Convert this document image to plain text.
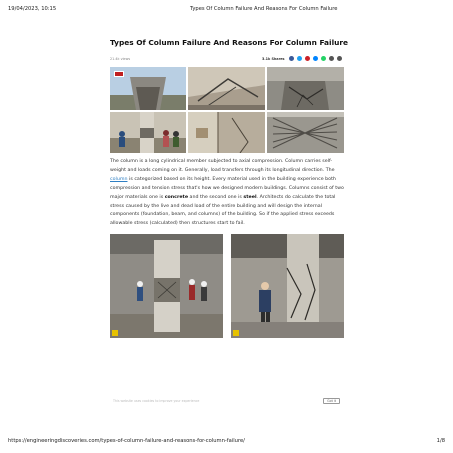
19/04/2023, 10:15	Types Of Column Failure And Reasons For Column Failure
Types Of Column Failure And Reasons For Column Failure
21.4k views	3.1k Shares
The column is a long cylindrical member subjected to axial compression. Column carries self-weight and loads coming on it. Generally, load transfers through its longitudinal direction. The column is categorized based on its height. Every material used in the building experience both compression and tension stress that's how we designed modern buildings. Columns consist of two major materials one is concrete and the second one is steel. Architects do calculate the total stress caused by the live and dead load of the entire building and will design the internal components (foundation, beam, and columns) of the building. So if the applied stress exceeds allowable stress (calculated) then structures start to fail.
This website uses cookies to improve your experience	Got it
https://engineeringdiscoveries.com/types-of-column-failure-and-reasons-for-column-failure/	1/8
